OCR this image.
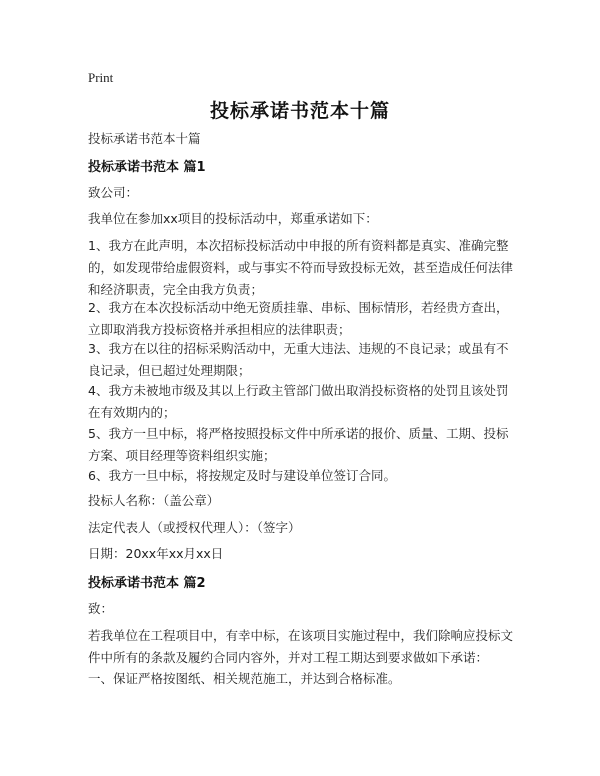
Print
投标承诺书范本十篇
投标承诺书范本十篇
投标承诺书范本 篇1
致公司：
我单位在参加xx项目的投标活动中，郑重承诺如下：
1、我方在此声明，本次招标投标活动中申报的所有资料都是真实、准确完整的，如发现带给虚假资料，或与事实不符而导致投标无效，甚至造成任何法律和经济职责，完全由我方负责；
2、我方在本次投标活动中绝无资质挂靠、串标、围标情形，若经贵方查出，立即取消我方投标资格并承担相应的法律职责；
3、我方在以往的招标采购活动中，无重大违法、违规的不良记录；或虽有不良记录，但已超过处理期限；
4、我方未被地市级及其以上行政主管部门做出取消投标资格的处罚且该处罚在有效期内的；
5、我方一旦中标，将严格按照投标文件中所承诺的报价、质量、工期、投标方案、项目经理等资料组织实施；
6、我方一旦中标，将按规定及时与建设单位签订合同。
投标人名称：（盖公章）
法定代表人（或授权代理人）：（签字）
日期：20xx年xx月xx日
投标承诺书范本 篇2
致：
若我单位在工程项目中，有幸中标，在该项目实施过程中，我们除响应投标文件中所有的条款及履约合同内容外，并对工程工期达到要求做如下承诺：
一、保证严格按图纸、相关规范施工，并达到合格标准。
